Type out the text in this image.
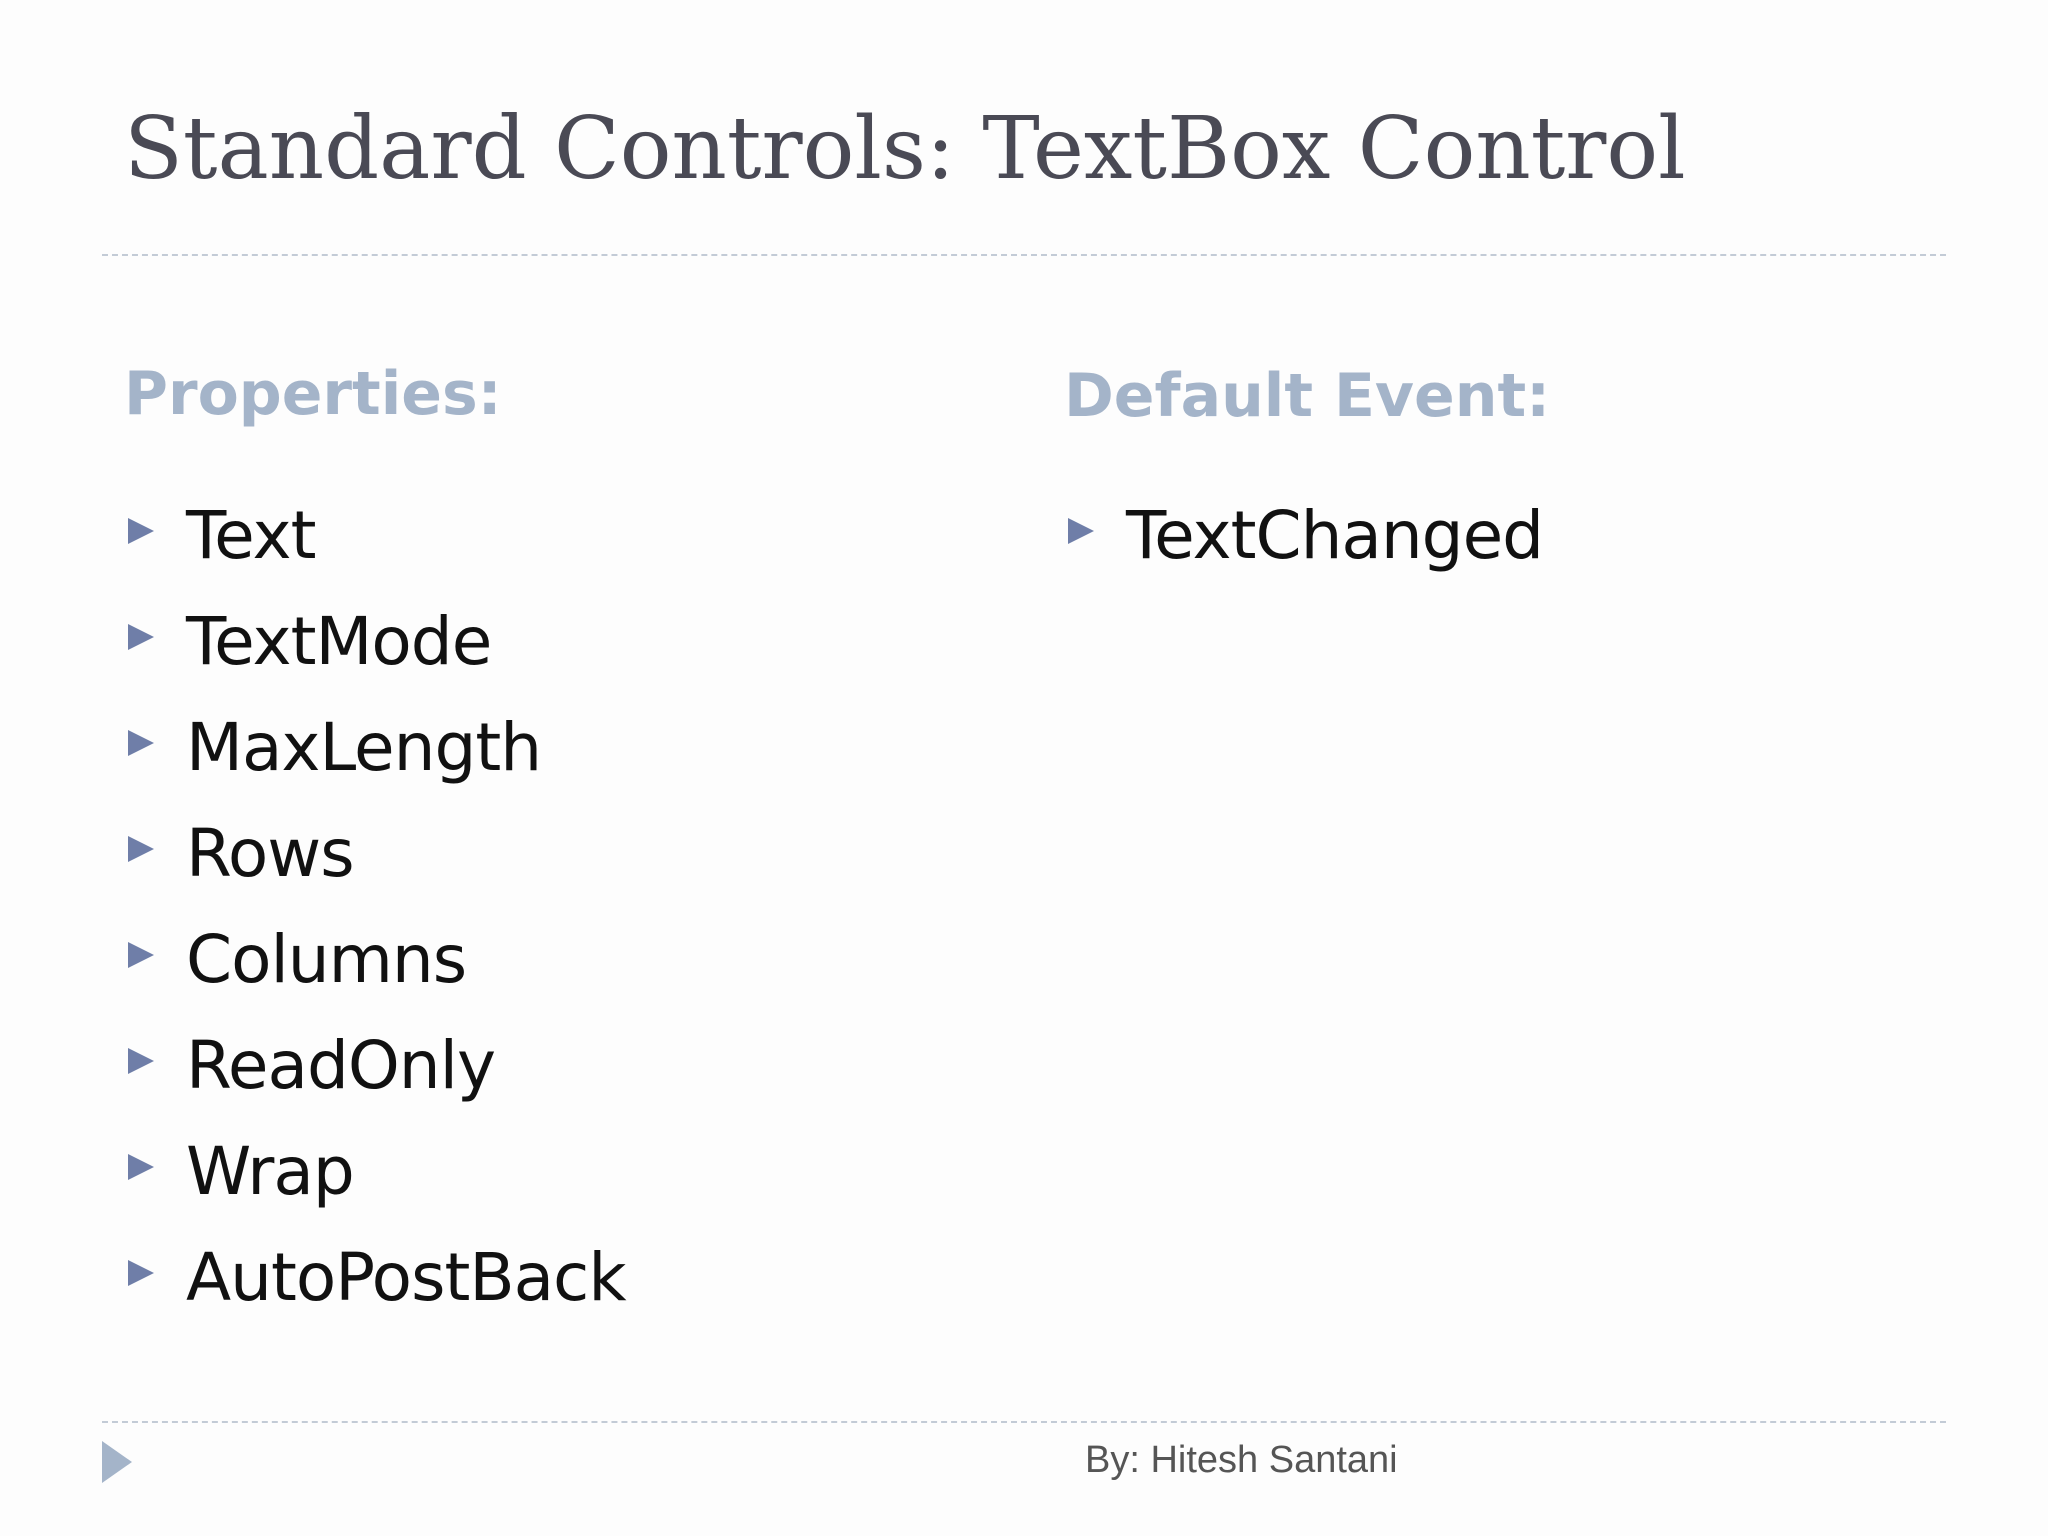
Standard Controls: TextBox Control
Properties:
Text
TextMode
MaxLength
Rows
Columns
ReadOnly
Wrap
AutoPostBack
Default Event:
TextChanged
By: Hitesh Santani
